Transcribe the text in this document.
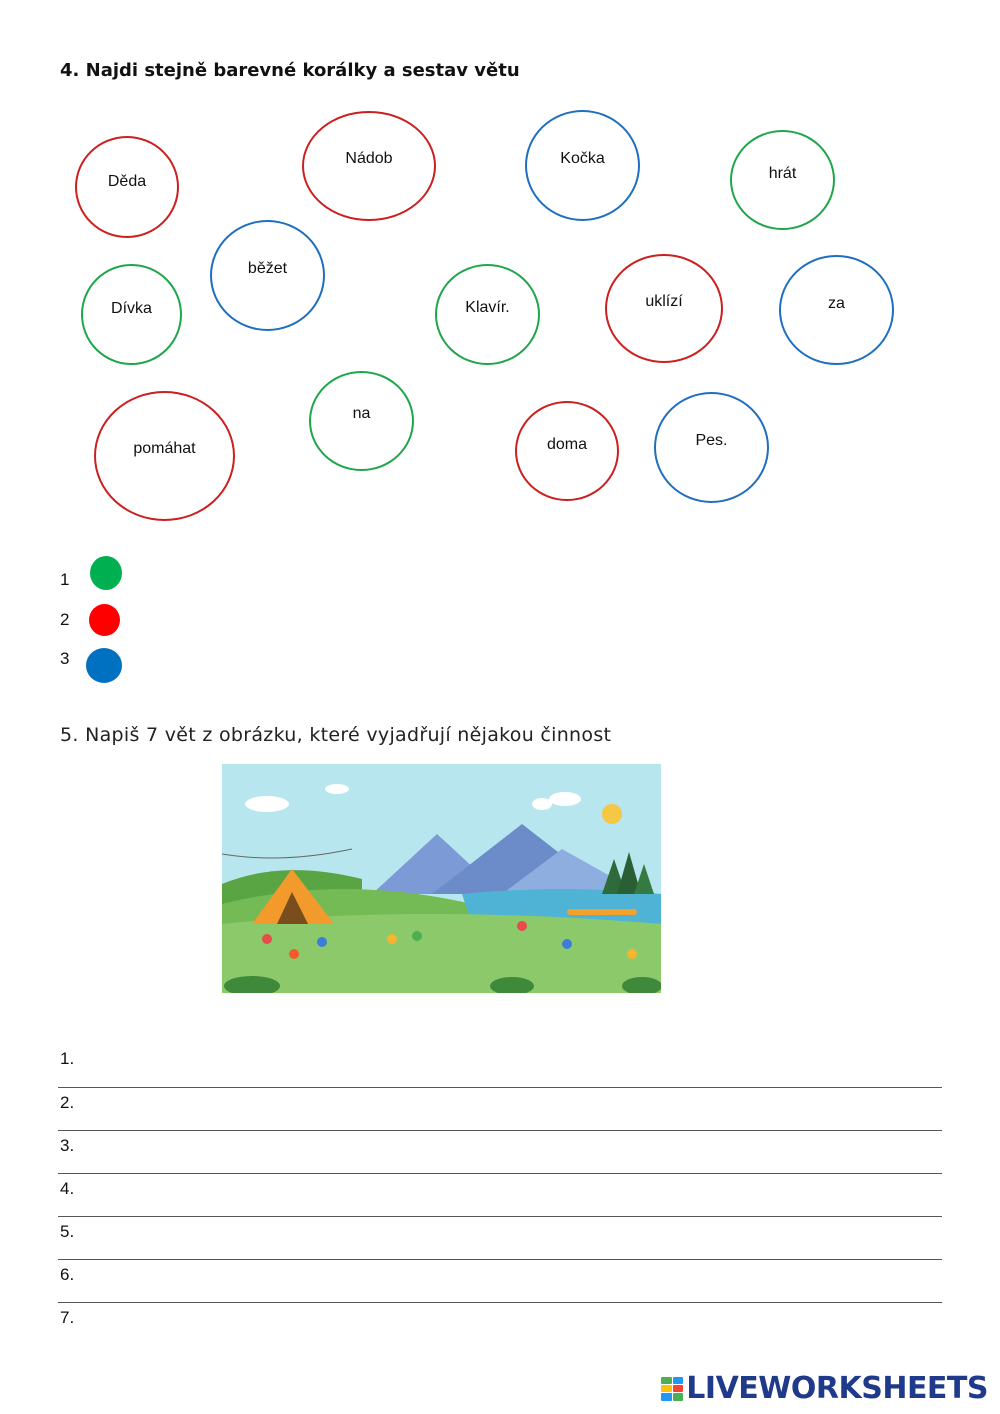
4. Najdi stejně barevné korálky a sestav větu
Děda
Nádob	Kočka
hrát
běžet
Dívka	Klavír.	uklízí	za
na
pomáhat	doma	Pes.
1
2
3
5. Napiš 7 vět z obrázku, které vyjadřují nějakou činnost
1.
2.
3.
4.
5.
6.
7.
LIVEWORKSHEETS
